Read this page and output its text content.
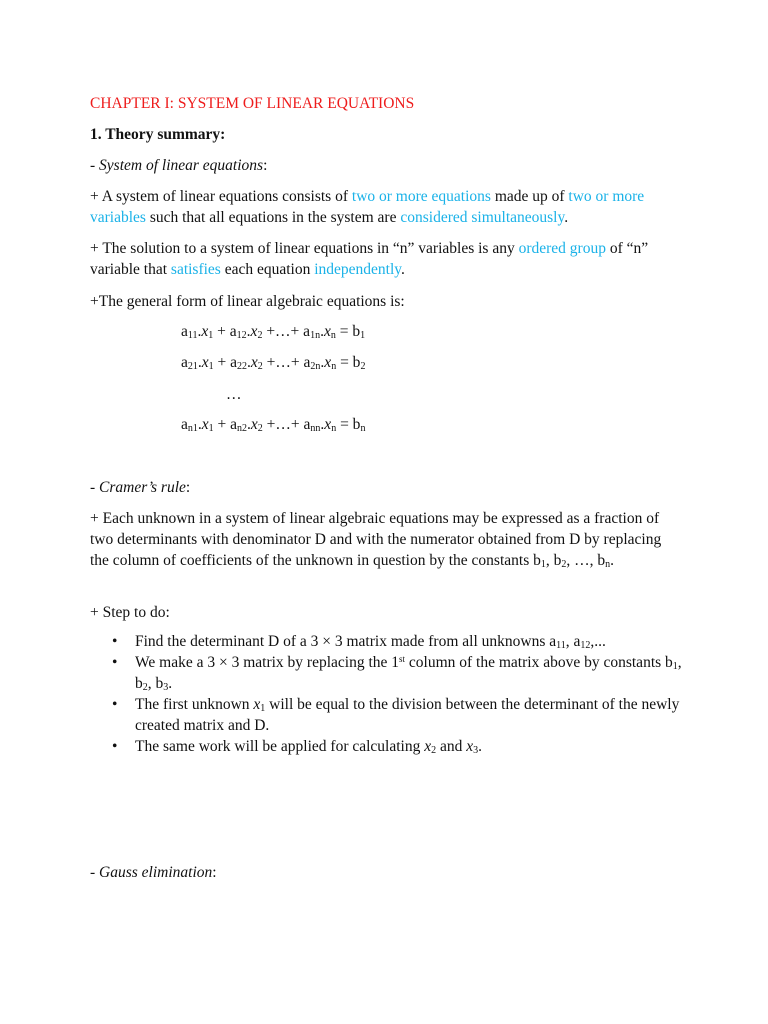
CHAPTER I: SYSTEM OF LINEAR EQUATIONS

1. Theory summary:

- System of linear equations:

+ A system of linear equations consists of two or more equations made up of two or more variables such that all equations in the system are considered simultaneously.

+ The solution to a system of linear equations in “n” variables is any ordered group of “n” variable that satisfies each equation independently.

+The general form of linear algebraic equations is:

$a_{11}.x_1 + a_{12}.x_2$ +…+ $a_{1n}.x_n = b_1$
$a_{21}.x_1 + a_{22}.x_2$ +…+ $a_{2n}.x_n = b_2$
…
$a_{n1}.x_1 + a_{n2}.x_2$ +…+ $a_{nn}.x_n = b_n$

- Cramer’s rule:

+ Each unknown in a system of linear algebraic equations may be expressed as a fraction of two determinants with denominator D and with the numerator obtained from D by replacing the column of coefficients of the unknown in question by the constants $b_1$, $b_2$, …, $b_n$.

+ Step to do:

• Find the determinant D of a 3 × 3 matrix made from all unknowns $a_{11}$, $a_{12}$,...
• We make a 3 × 3 matrix by replacing the 1st column of the matrix above by constants $b_1$, $b_2$, $b_3$.
• The first unknown $x_1$ will be equal to the division between the determinant of the newly created matrix and D.
• The same work will be applied for calculating $x_2$ and $x_3$.

- Gauss elimination:
